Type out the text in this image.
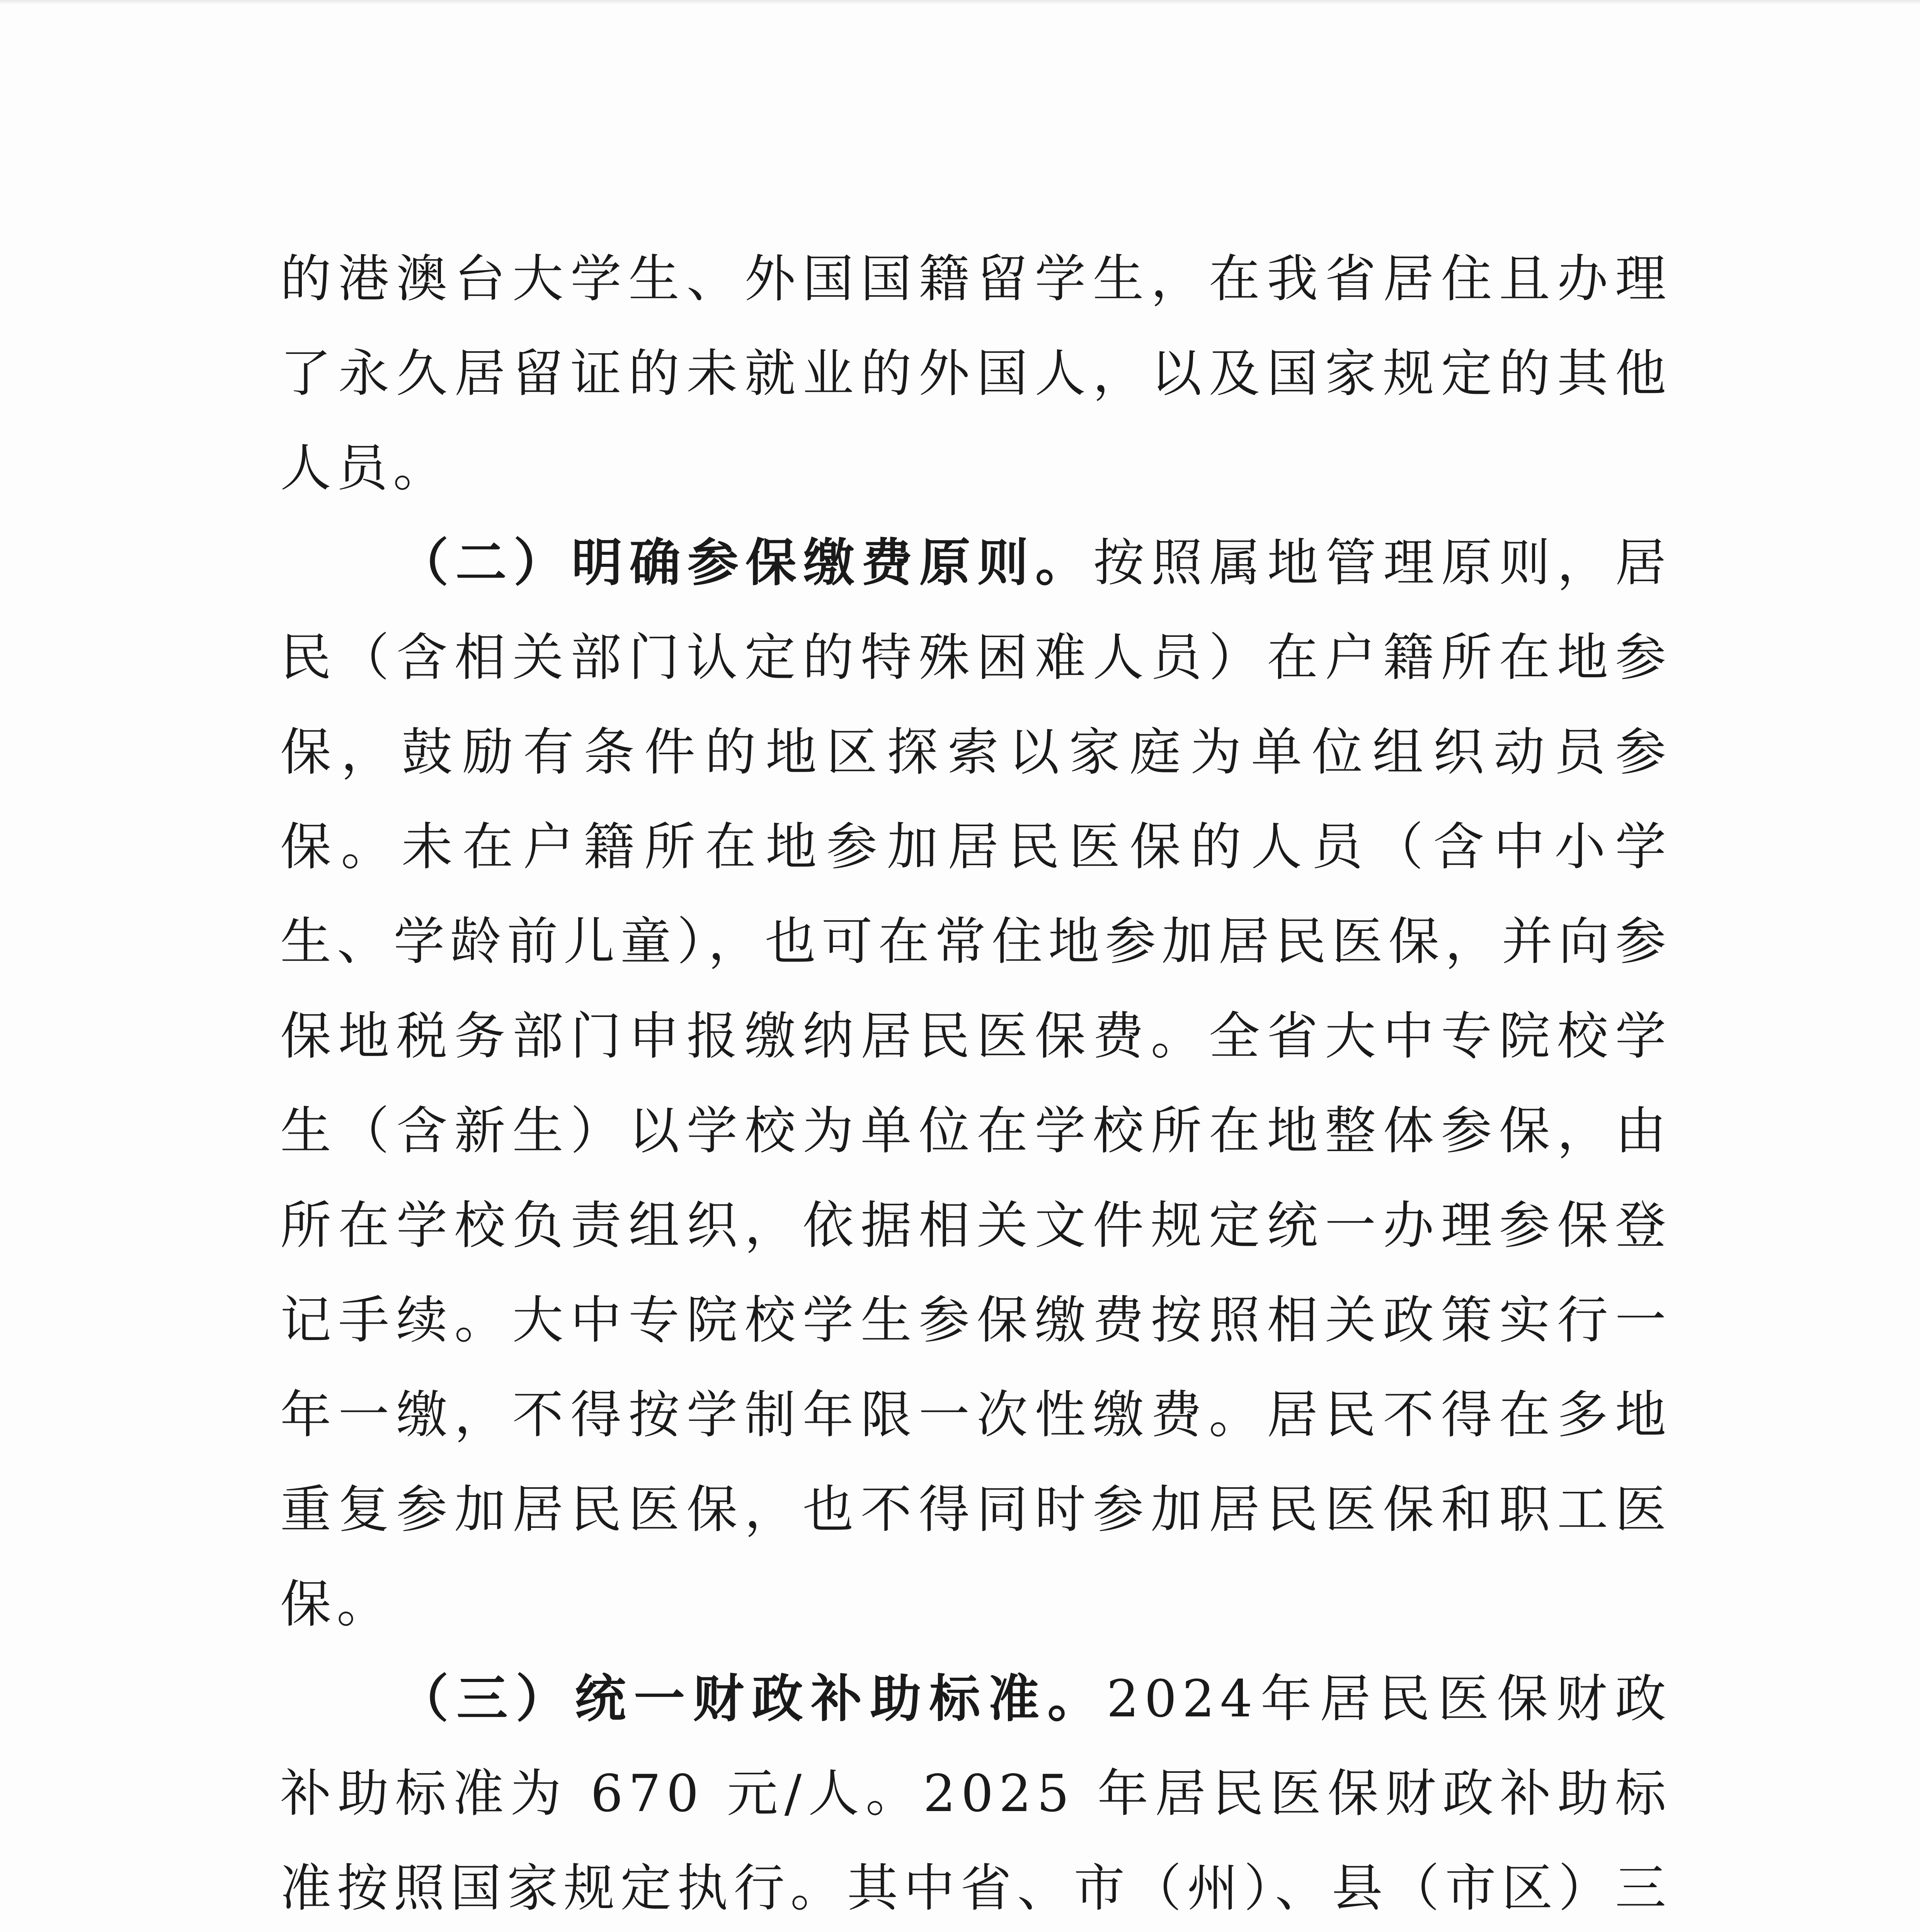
的港澳台大学生、外国国籍留学生，在我省居住且办理了永久居留证的未就业的外国人，以及国家规定的其他人员。

（二）明确参保缴费原则。按照属地管理原则，居民（含相关部门认定的特殊困难人员）在户籍所在地参保，鼓励有条件的地区探索以家庭为单位组织动员参保。未在户籍所在地参加居民医保的人员（含中小学生、学龄前儿童），也可在常住地参加居民医保，并向参保地税务部门申报缴纳居民医保费。全省大中专院校学生（含新生）以学校为单位在学校所在地整体参保，由所在学校负责组织，依据相关文件规定统一办理参保登记手续。大中专院校学生参保缴费按照相关政策实行一年一缴，不得按学制年限一次性缴费。居民不得在多地重复参加居民医保，也不得同时参加居民医保和职工医保。

（三）统一财政补助标准。2024年居民医保财政补助标准为 670 元/人。2025 年居民医保财政补助标准按照国家规定执行。其中省、市（州）、县（市区）三
